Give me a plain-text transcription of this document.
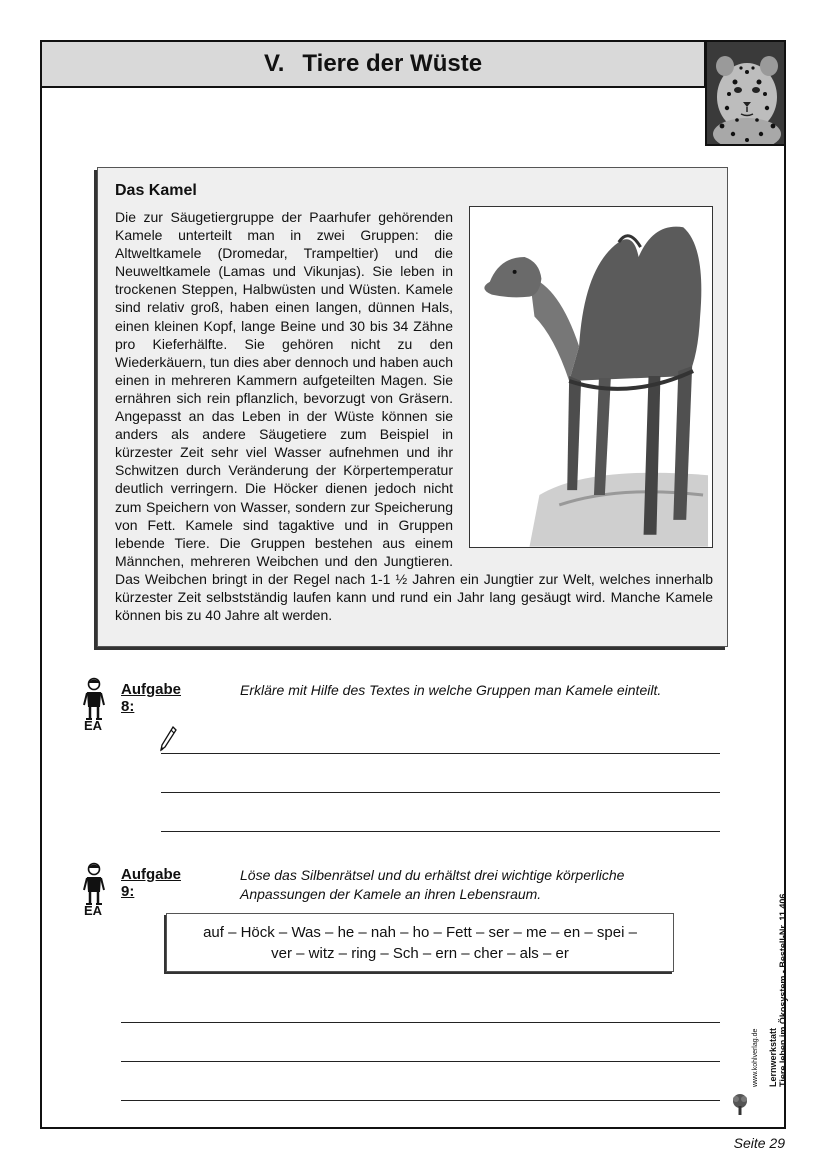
V. Tiere der Wüste
Das Kamel
Die zur Säugetiergruppe der Paarhufer gehörenden Kamele unterteilt man in zwei Gruppen: die Altweltkamele (Dromedar, Trampeltier) und die Neuweltkamele (Lamas und Vikunjas). Sie leben in trockenen Steppen, Halbwüsten und Wüsten. Kamele sind relativ groß, haben einen langen, dünnen Hals, einen kleinen Kopf, lange Beine und 30 bis 34 Zähne pro Kieferhälfte. Sie gehören nicht zu den Wiederkäuern, tun dies aber dennoch und haben auch einen in mehreren Kammern aufgeteilten Magen. Sie ernähren sich rein pflanzlich, bevorzugt von Gräsern. Angepasst an das Leben in der Wüste können sie anders als andere Säugetiere zum Beispiel in kürzester Zeit sehr viel Wasser aufnehmen und ihr Schwitzen durch Veränderung der Körpertemperatur deutlich verringern. Die Höcker dienen jedoch nicht zum Speichern von Wasser, sondern zur Speicherung von Fett. Kamele sind tagaktive und in Gruppen lebende Tiere. Die Gruppen bestehen aus einem Männchen, mehreren Weibchen und den Jungtieren. Das Weibchen bringt in der Regel nach 1-1 ½ Jahren ein Jungtier zur Welt, welches innerhalb kürzester Zeit selbstständig laufen kann und rund ein Jahr lang gesäugt wird. Manche Kamele können bis zu 40 Jahre alt werden.
EA
Aufgabe 8:
Erkläre mit Hilfe des Textes in welche Gruppen man Kamele einteilt.
EA
Aufgabe 9:
Löse das Silbenrätsel und du erhältst drei wichtige körperliche Anpassungen der Kamele an ihren Lebensraum.
auf – Höck – Was – he – nah – ho – Fett – ser – me – en – spei –
ver – witz – ring – Sch – ern – cher – als – er
Lernwerkstatt Tiere leben im Ökosystem - Bestell-Nr. 11 406
www.kohlverlag.de
Seite 29
